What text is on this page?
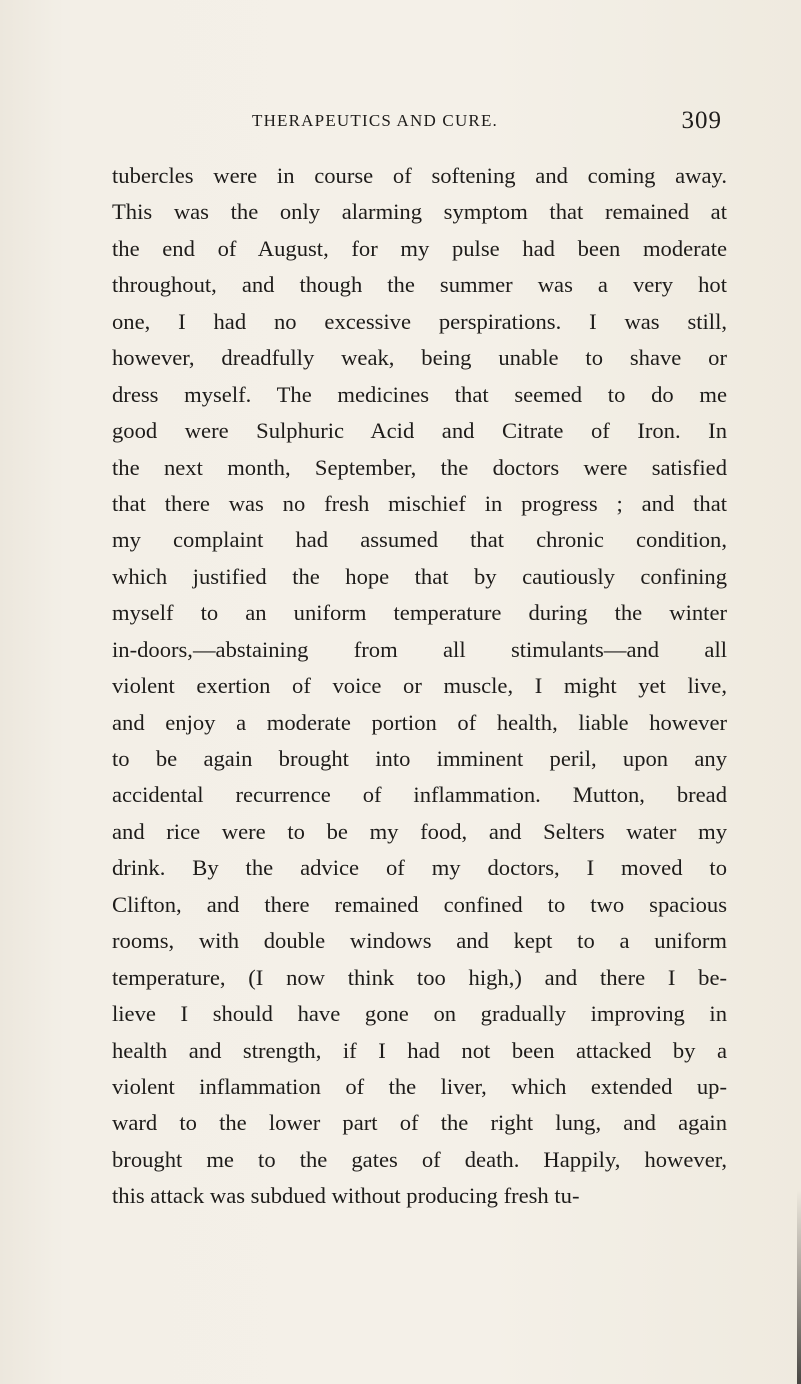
THERAPEUTICS AND CURE.	309
tubercles were in course of softening and coming away.
This was the only alarming symptom that remained at
the end of August, for my pulse had been moderate
throughout, and though the summer was a very hot
one, I had no excessive perspirations. I was still,
however, dreadfully weak, being unable to shave or
dress myself. The medicines that seemed to do me
good were Sulphuric Acid and Citrate of Iron. In
the next month, September, the doctors were satisfied
that there was no fresh mischief in progress ; and that
my complaint had assumed that chronic condition,
which justified the hope that by cautiously confining
myself to an uniform temperature during the winter
in-doors,—abstaining from all stimulants—and all
violent exertion of voice or muscle, I might yet live,
and enjoy a moderate portion of health, liable however
to be again brought into imminent peril, upon any
accidental recurrence of inflammation. Mutton, bread
and rice were to be my food, and Selters water my
drink. By the advice of my doctors, I moved to
Clifton, and there remained confined to two spacious
rooms, with double windows and kept to a uniform
temperature, (I now think too high,) and there I be-
lieve I should have gone on gradually improving in
health and strength, if I had not been attacked by a
violent inflammation of the liver, which extended up-
ward to the lower part of the right lung, and again
brought me to the gates of death. Happily, however,
this attack was subdued without producing fresh tu-
